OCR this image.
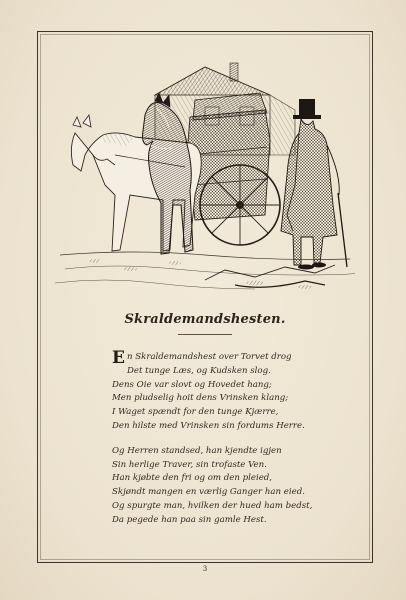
Skraldemandshesten.
En Skraldemandshest over Torvet drog
Det tunge Læs, og Kudsken slog.
Dens Oie var slovt og Hovedet hang;
Men pludselig hoit dens Vrinsken klang;
I Waget spændt for den tunge Kjærre,
Den hilste med Vrinsken sin fordums Herre.
Og Herren standsed, han kjendte igjen
Sin herlige Traver, sin trofaste Ven.
Han kjøbte den fri og om den pleied,
Skjøndt mangen en værlig Ganger han eied.
Og spurgte man, hvilken der hued ham bedst,
Da pegede han paa sin gamle Hest.
3
